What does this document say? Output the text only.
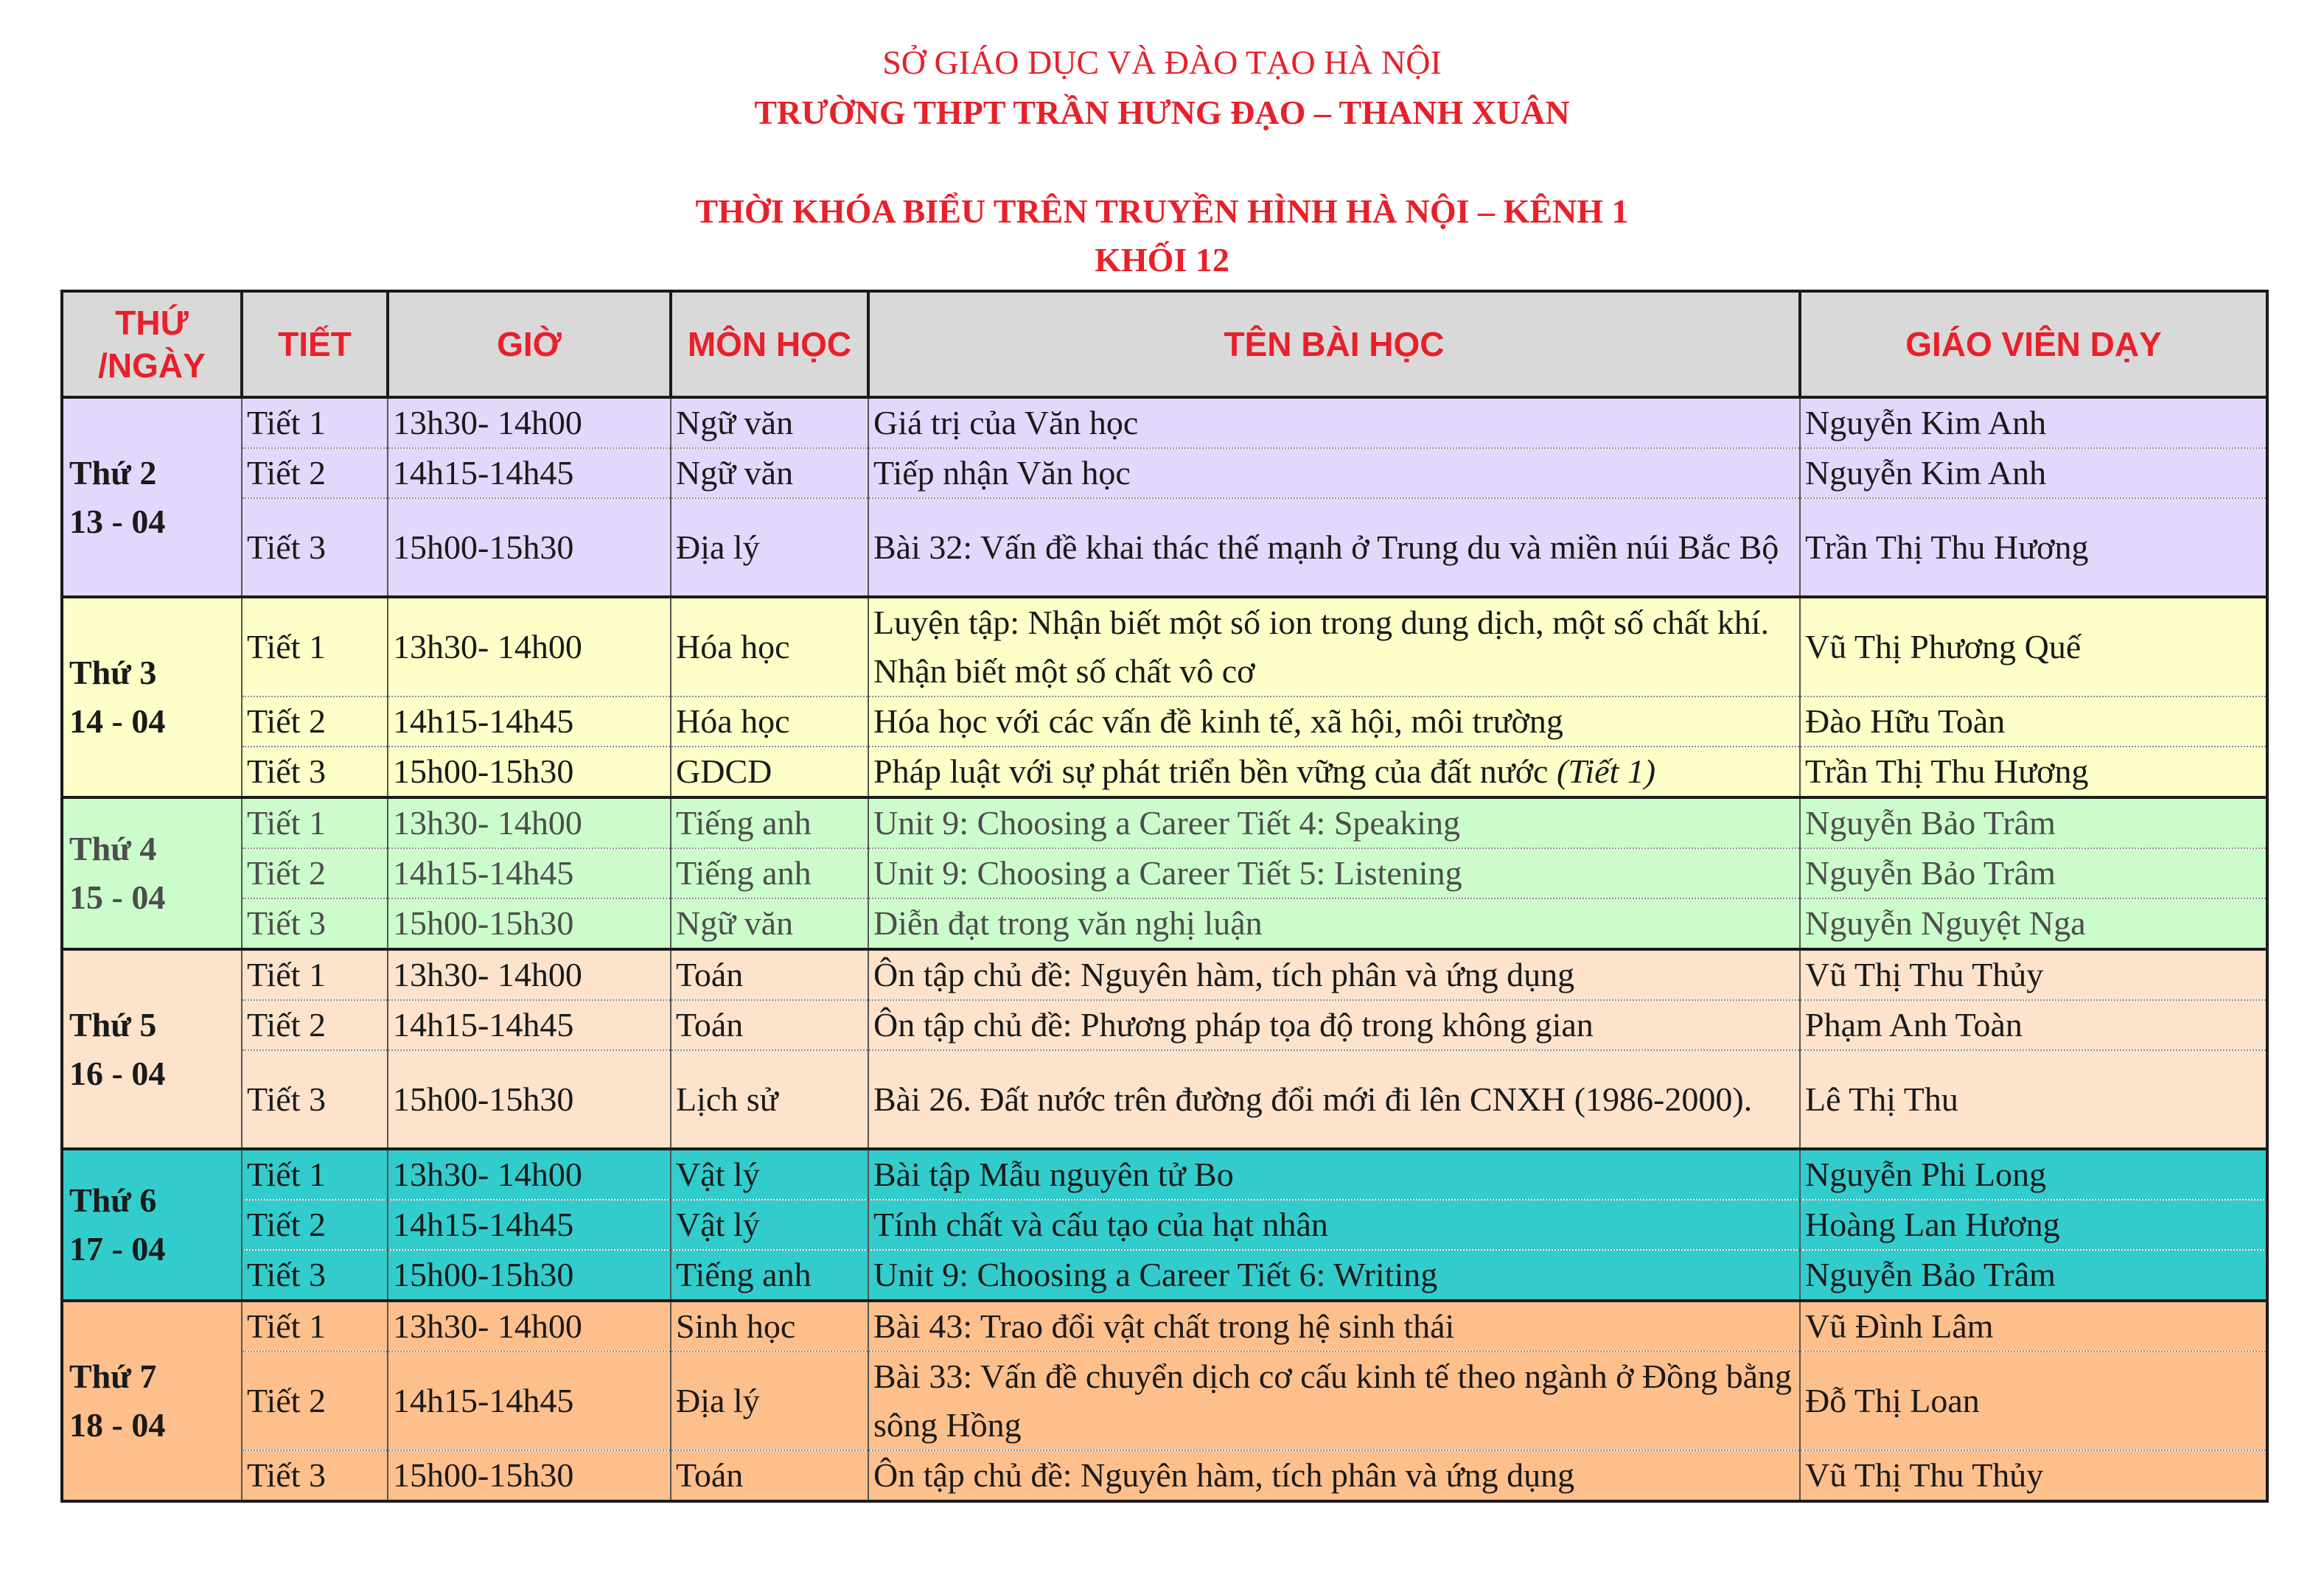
SỞ GIÁO DỤC VÀ ĐÀO TẠO HÀ NỘI
TRƯỜNG THPT TRẦN HƯNG ĐẠO – THANH XUÂN
THỜI KHÓA BIỂU TRÊN TRUYỀN HÌNH HÀ NỘI – KÊNH 1
KHỐI 12
THỨ
/NGÀY	TIẾT	GIỜ	MÔN HỌC	TÊN BÀI HỌC	GIÁO VIÊN DẠY
Thứ 2
13 - 04	Tiết 1	13h30- 14h00	Ngữ văn	Giá trị của Văn học	Nguyễn Kim Anh
	Tiết 2	14h15-14h45	Ngữ văn	Tiếp nhận Văn học	Nguyễn Kim Anh
	Tiết 3	15h00-15h30	Địa lý	Bài 32: Vấn đề khai thác thế mạnh ở Trung du và miền núi Bắc Bộ	Trần Thị Thu Hương
Thứ 3
14 - 04	Tiết 1	13h30- 14h00	Hóa học	Luyện tập: Nhận biết một số ion trong dung dịch, một số chất khí. Nhận biết một số chất vô cơ	Vũ Thị Phương Quế
	Tiết 2	14h15-14h45	Hóa học	Hóa học với các vấn đề kinh tế, xã hội, môi trường	Đào Hữu Toàn
	Tiết 3	15h00-15h30	GDCD	Pháp luật với sự phát triển bền vững của đất nước (Tiết 1)	Trần Thị Thu Hương
Thứ 4
15 - 04	Tiết 1	13h30- 14h00	Tiếng anh	Unit 9: Choosing a Career Tiết 4: Speaking	Nguyễn Bảo Trâm
	Tiết 2	14h15-14h45	Tiếng anh	Unit 9: Choosing a Career Tiết 5: Listening	Nguyễn Bảo Trâm
	Tiết 3	15h00-15h30	Ngữ văn	Diễn đạt trong văn nghị luận	Nguyễn Nguyệt Nga
Thứ 5
16 - 04	Tiết 1	13h30- 14h00	Toán	Ôn tập chủ đề: Nguyên hàm, tích phân và ứng dụng	Vũ Thị Thu Thủy
	Tiết 2	14h15-14h45	Toán	Ôn tập chủ đề: Phương pháp tọa độ trong không gian	Phạm Anh Toàn
	Tiết 3	15h00-15h30	Lịch sử	Bài 26. Đất nước trên đường đổi mới đi lên CNXH (1986-2000).	Lê Thị Thu
Thứ 6
17 - 04	Tiết 1	13h30- 14h00	Vật lý	Bài tập Mẫu nguyên tử Bo	Nguyễn Phi Long
	Tiết 2	14h15-14h45	Vật lý	Tính chất và cấu tạo của hạt nhân	Hoàng Lan Hương
	Tiết 3	15h00-15h30	Tiếng anh	Unit 9: Choosing a Career Tiết 6: Writing	Nguyễn Bảo Trâm
Thứ 7
18 - 04	Tiết 1	13h30- 14h00	Sinh học	Bài 43: Trao đổi vật chất trong hệ sinh thái	Vũ Đình Lâm
	Tiết 2	14h15-14h45	Địa lý	Bài 33: Vấn đề chuyển dịch cơ cấu kinh tế theo ngành ở Đồng bằng sông Hồng	Đỗ Thị Loan
	Tiết 3	15h00-15h30	Toán	Ôn tập chủ đề: Nguyên hàm, tích phân và ứng dụng	Vũ Thị Thu Thủy
